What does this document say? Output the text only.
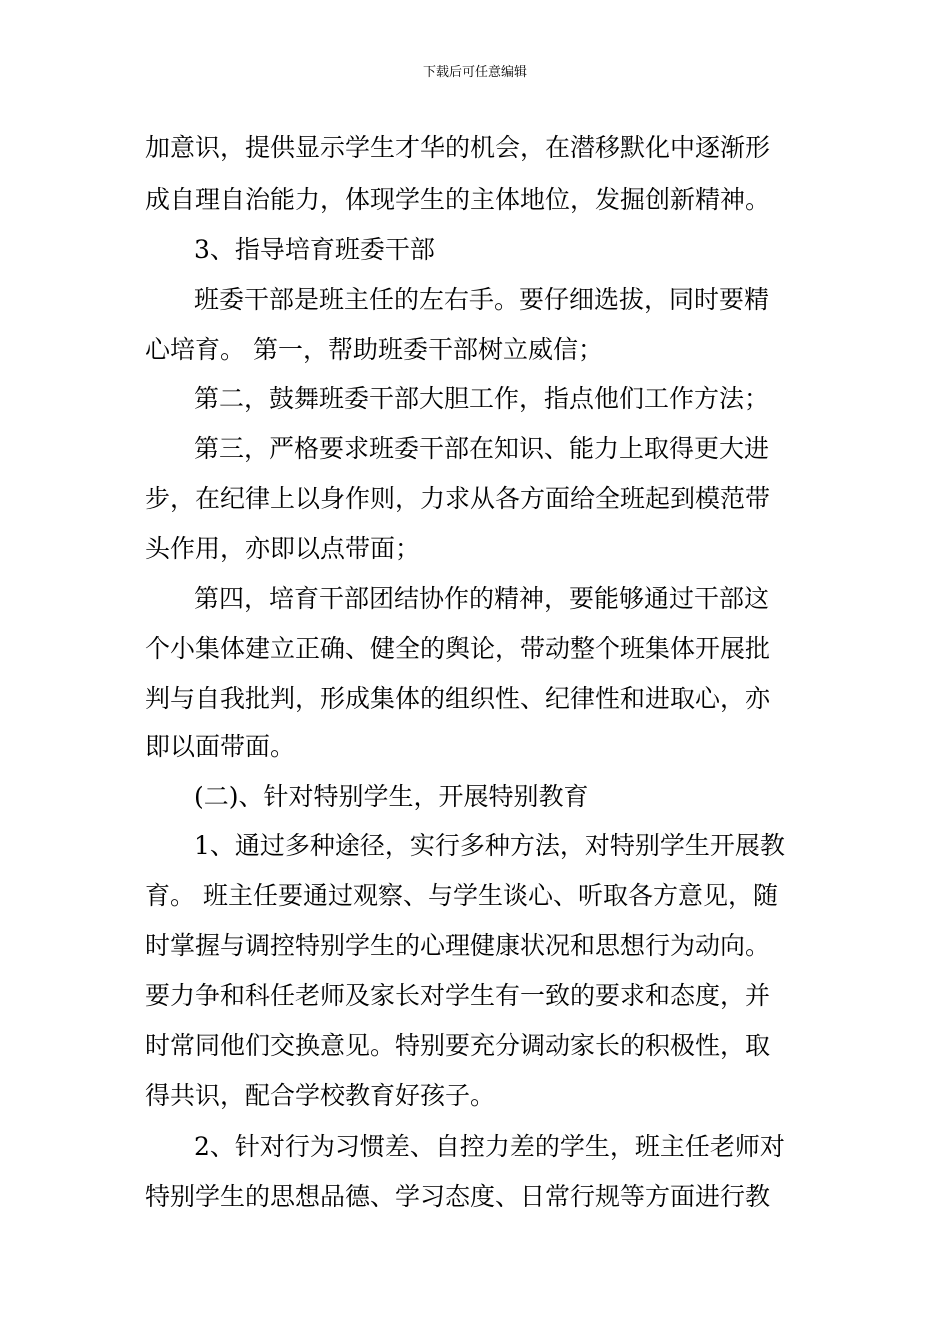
下载后可任意编辑
加意识，提供显示学生才华的机会，在潜移默化中逐渐形
成自理自治能力，体现学生的主体地位，发掘创新精神。
3、指导培育班委干部
班委干部是班主任的左右手。要仔细选拔，同时要精
心培育。 第一，帮助班委干部树立威信；
第二，鼓舞班委干部大胆工作，指点他们工作方法；
第三，严格要求班委干部在知识、能力上取得更大进
步，在纪律上以身作则，力求从各方面给全班起到模范带
头作用，亦即以点带面；
第四，培育干部团结协作的精神，要能够通过干部这
个小集体建立正确、健全的舆论，带动整个班集体开展批
判与自我批判，形成集体的组织性、纪律性和进取心，亦
即以面带面。
(二)、针对特别学生，开展特别教育
1、通过多种途径，实行多种方法，对特别学生开展教
育。 班主任要通过观察、与学生谈心、听取各方意见，随
时掌握与调控特别学生的心理健康状况和思想行为动向。
要力争和科任老师及家长对学生有一致的要求和态度，并
时常同他们交换意见。特别要充分调动家长的积极性，取
得共识，配合学校教育好孩子。
2、针对行为习惯差、自控力差的学生，班主任老师对
特别学生的思想品德、学习态度、日常行规等方面进行教
